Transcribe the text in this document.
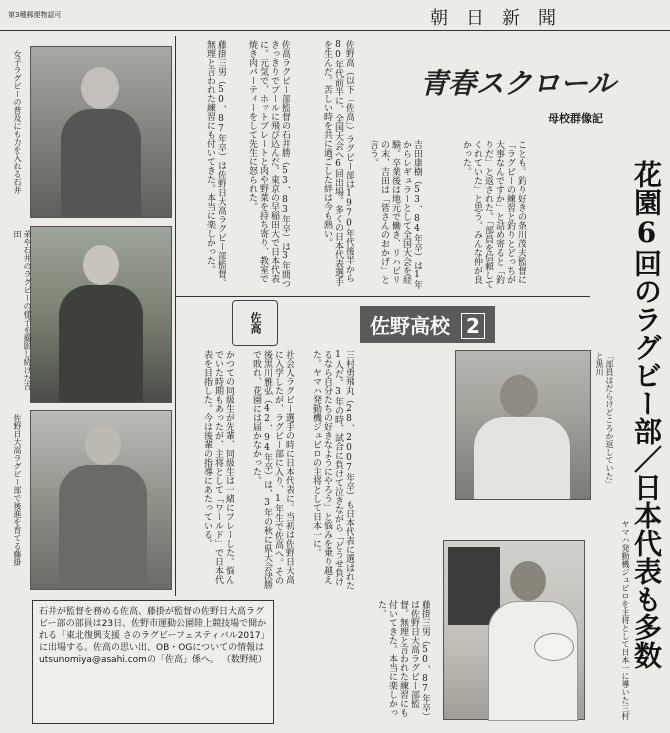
第3種郵便物認可	朝日新聞
女子ラグビーの普及にも力を入れる石井
弟や石井のラグビーの様子を撮影し続けた吉田
佐野日大高ラグビー部で後進を育てる藤掛
石井が監督を務める佐高、藤掛が監督の佐野日大高ラグビー部の部員は23日、佐野市運動公園陸上競技場で開かれる「東北復興支援 さのラグビーフェスティバル2017」に出場する。佐高の思い出、OB・OGについての情報はutsunomiya@asahi.comの「佐高」係へ。 （数野純）
青春スクロール
母校群像記
藤掛三男（50、87年卒）は佐野日大高ラグビー部監督。無理と言われた練習にも付いてきた。本当に楽しかった。	佐高ラグビー部監督の石井勝（53、83年卒）は3年間つきっきりでプールに飛び込んだ。東京の早稲田大で日本代表に。元気で、ホットプレートと肉や野菜を持ち寄り、教室で焼き肉パーティーをして先生に怒られた。	佐野高（以下「佐高」）ラグビー部は1970年代後半から80年代前半に、全国大会へ6回出場。多くの日本代表選手を生んだ。苦しい時を共に過ごした絆は今も熱い。	吉田康樹（53、84年卒）は1年からレギュラーとして全国大会を経験。卒業後は地元で働き、リハビリの末、吉田は「皆さんのおかげ」と言う。	ことも。釣り好きの条川茂夫監督に「ラグビーの練習と釣りとどっちが大事なんですか」と詰め寄ると「釣りだ」と返された。「部員を信頼してくれていた」と思う。みんな仲が良かった。
佐高	佐野高校 2	花園6回のラグビー部／日本代表も多数
かつての同級生が先輩、同級生は一緒にプレーした。悩んでいた時期もあったが、主将として「ワールド」で日本代表を目指した。今は後輩の指導にあたっている。	社会人ラグビー選手の時に日本代表に。当初は佐野日大高に入学したが、ラグビー部に入り、1年生で佐高へ。その後黒川雅弘（42、94年卒）は、3年の秋に県大会決勝で敗れ、花園には届かなかった。	三村勇飛丸（28、2007年卒）も日本代表に選ばれた1人だ。3年の時、試合に負けて泣きながら「どうせ負けるなら自分たちの好きなようにやろう」と悩みを乗り越えた。ヤマハ発動機ジュビロの主将として日本一に。
藤掛三男（50、87年卒）は佐野日大高ラグビー部監督。無理と言われた練習にも付いてきた。本当に楽しかった。
「部員はだらけどころか返していた」と黒川
ヤマハ発動機ジュビロを主将として日本一に導いた三村
